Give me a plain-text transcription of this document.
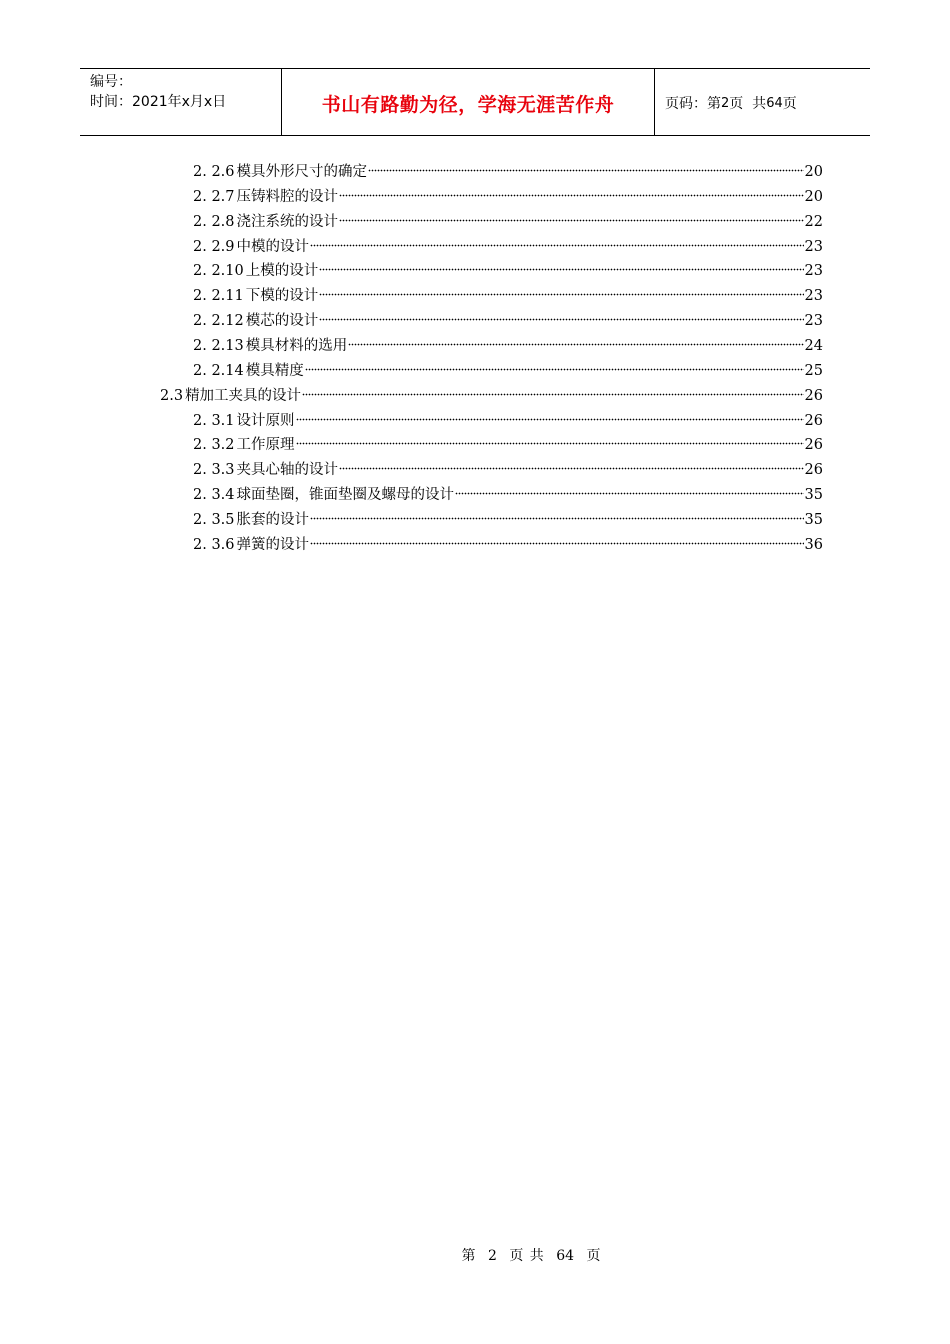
编号：
时间：2021年x月x日	书山有路勤为径，学海无涯苦作舟	页码：第 2 页  共 64 页
2. 2.6 模具外形尺寸的确定	20
2. 2.7 压铸料腔的设计	20
2. 2.8 浇注系统的设计	22
2. 2.9 中模的设计	23
2. 2.10 上模的设计	23
2. 2.11 下模的设计	23
2. 2.12 模芯的设计	23
2. 2.13 模具材料的选用	24
2. 2.14 模具精度	25
2.3 精加工夹具的设计	26
2. 3.1 设计原则	26
2. 3.2 工作原理	26
2. 3.3 夹具心轴的设计	26
2. 3.4 球面垫圈，锥面垫圈及螺母的设计	35
2. 3.5 胀套的设计	35
2. 3.6 弹簧的设计	36
第 2 页 共 64 页
